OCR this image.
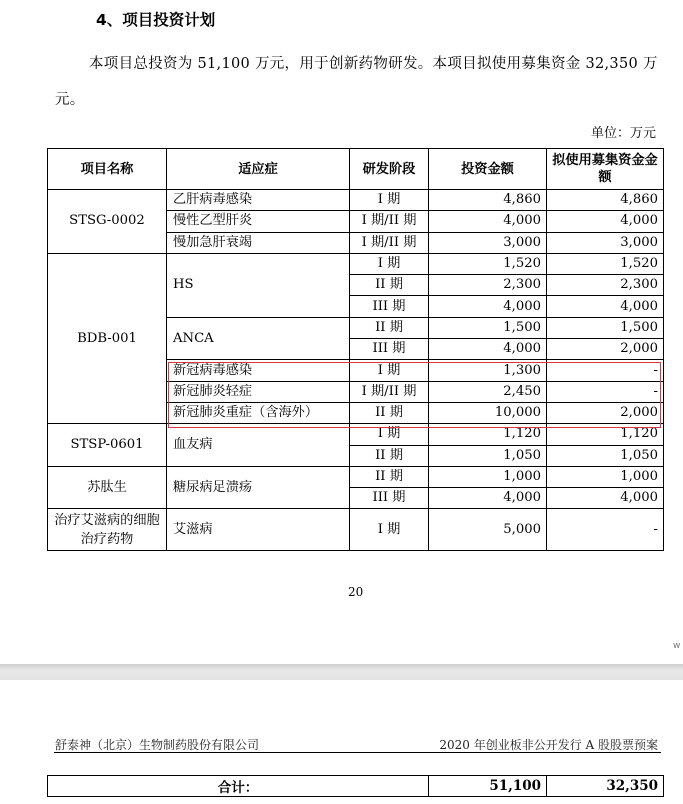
4、项目投资计划
本项目总投资为 51,100 万元，用于创新药物研发。本项目拟使用募集资金 32,350 万元。
单位：万元
项目名称	适应症	研发阶段	投资金额	拟使用募集资金金额
STSG-0002	乙肝病毒感染	I 期	4,860	4,860
	慢性乙型肝炎	I 期/II 期	4,000	4,000
	慢加急肝衰竭	I 期/II 期	3,000	3,000
BDB-001	HS	I 期	1,520	1,520
		II 期	2,300	2,300
		III 期	4,000	4,000
	ANCA	II 期	1,500	1,500
		III 期	4,000	2,000
	新冠病毒感染	I 期	1,300	-
	新冠肺炎轻症	I 期/II 期	2,450	-
	新冠肺炎重症（含海外）	II 期	10,000	2,000
STSP-0601	血友病	I 期	1,120	1,120
		II 期	1,050	1,050
苏肽生	糖尿病足溃疡	II 期	1,000	1,000
		III 期	4,000	4,000
治疗艾滋病的细胞治疗药物	艾滋病	I 期	5,000	-
20
w
舒泰神（北京）生物制药股份有限公司	2020 年创业板非公开发行 A 股股票预案
合计：	51,100	32,350
